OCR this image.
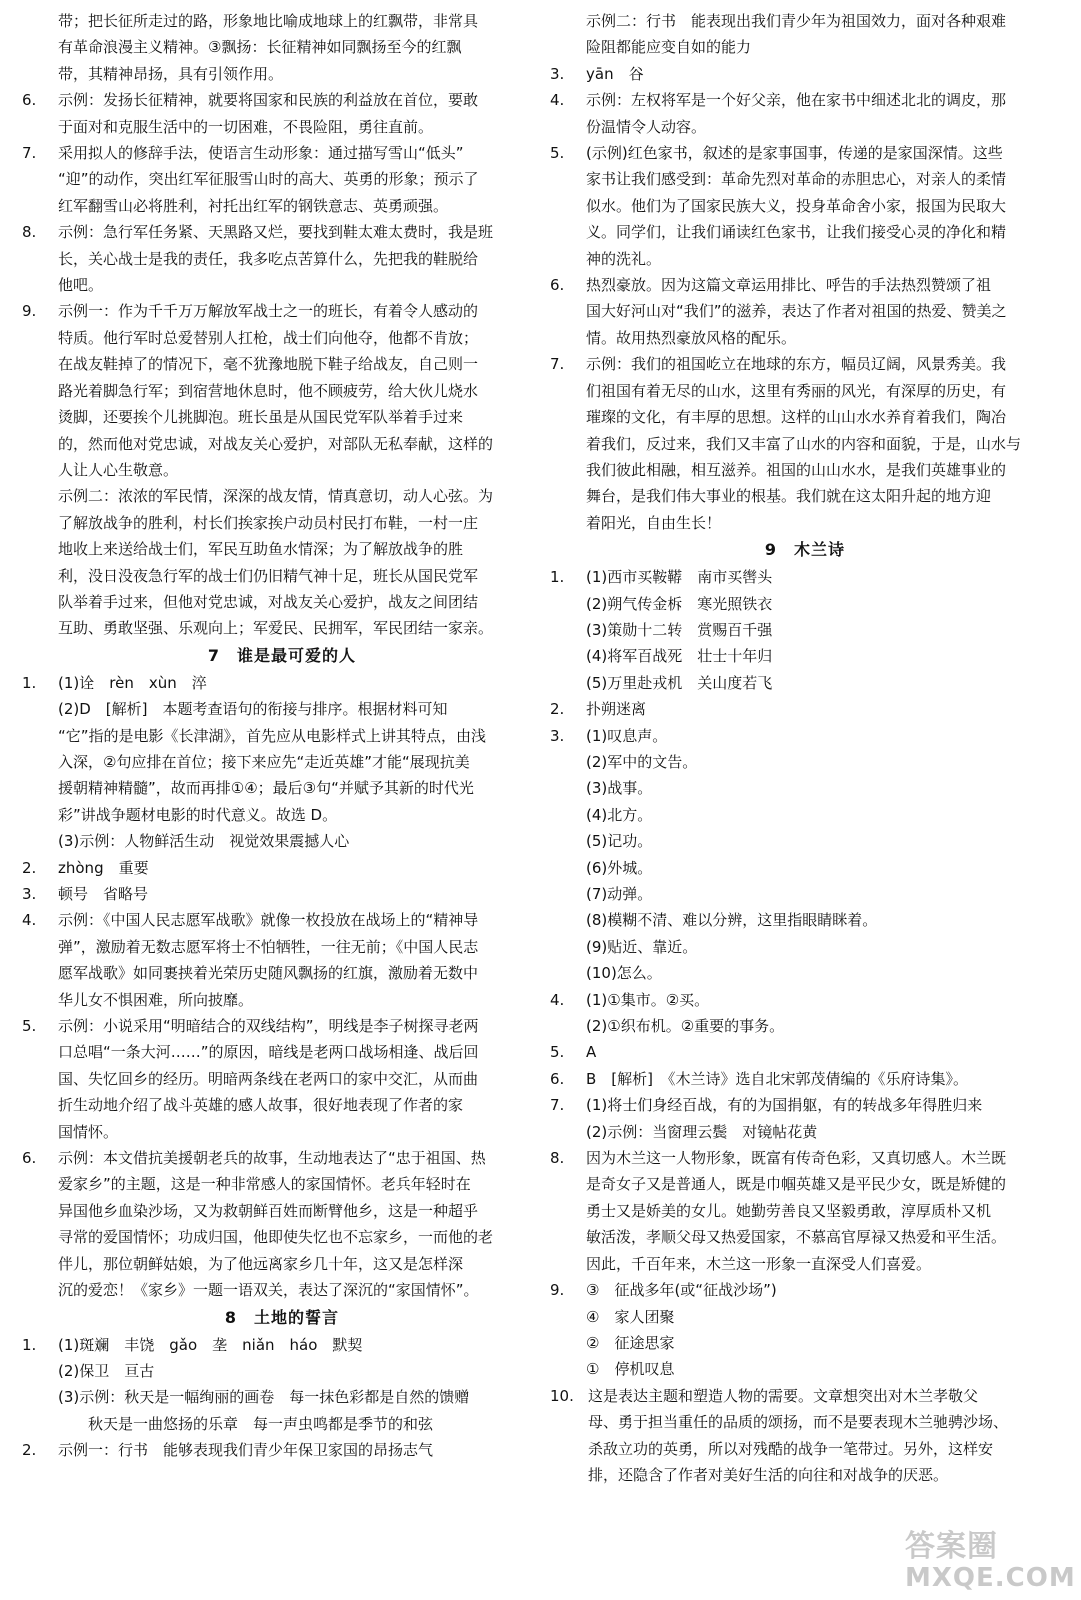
带；把长征所走过的路，形象地比喻成地球上的红飘带，非常具
有革命浪漫主义精神。③飘扬：长征精神如同飘扬至今的红飘
带，其精神昂扬，具有引领作用。
6.	示例：发扬长征精神，就要将国家和民族的利益放在首位，要敢
于面对和克服生活中的一切困难，不畏险阻，勇往直前。
7.	采用拟人的修辞手法，使语言生动形象：通过描写雪山“低头”
“迎”的动作，突出红军征服雪山时的高大、英勇的形象；预示了
红军翻雪山必将胜利，衬托出红军的钢铁意志、英勇顽强。
8.	示例：急行军任务紧、天黑路又烂，要找到鞋太难太费时，我是班
长，关心战士是我的责任，我多吃点苦算什么，先把我的鞋脱给
他吧。
9.	示例一：作为千千万万解放军战士之一的班长，有着令人感动的
特质。他行军时总爱替别人扛枪，战士们向他夺，他都不肯放；
在战友鞋掉了的情况下，毫不犹豫地脱下鞋子给战友，自己则一
路光着脚急行军；到宿营地休息时，他不顾疲劳，给大伙儿烧水
烫脚，还要挨个儿挑脚泡。班长虽是从国民党军队举着手过来
的，然而他对党忠诚，对战友关心爱护，对部队无私奉献，这样的
人让人心生敬意。
示例二：浓浓的军民情，深深的战友情，情真意切，动人心弦。为
了解放战争的胜利，村长们挨家挨户动员村民打布鞋，一村一庄
地收上来送给战士们，军民互助鱼水情深；为了解放战争的胜
利，没日没夜急行军的战士们仍旧精气神十足，班长从国民党军
队举着手过来，但他对党忠诚，对战友关心爱护，战友之间团结
互助、勇敢坚强、乐观向上；军爱民、民拥军，军民团结一家亲。
7　谁是最可爱的人
1.	(1)诠　rèn　xùn　淬
(2)D　[解析]　本题考查语句的衔接与排序。根据材料可知
“它”指的是电影《长津湖》，首先应从电影样式上讲其特点，由浅
入深，②句应排在首位；接下来应先“走近英雄”才能“展现抗美
援朝精神精髓”，故而再排①④；最后③句“并赋予其新的时代光
彩”讲战争题材电影的时代意义。故选 D。
(3)示例：人物鲜活生动　视觉效果震撼人心
2.	zhòng　重要
3.	顿号　省略号
4.	示例：《中国人民志愿军战歌》就像一枚投放在战场上的“精神导
弹”，激励着无数志愿军将士不怕牺牲，一往无前；《中国人民志
愿军战歌》如同裹挟着光荣历史随风飘扬的红旗，激励着无数中
华儿女不惧困难，所向披靡。
5.	示例：小说采用“明暗结合的双线结构”，明线是李子树探寻老两
口总唱“一条大河……”的原因，暗线是老两口战场相逢、战后回
国、失忆回乡的经历。明暗两条线在老两口的家中交汇，从而曲
折生动地介绍了战斗英雄的感人故事，很好地表现了作者的家
国情怀。
6.	示例：本文借抗美援朝老兵的故事，生动地表达了“忠于祖国、热
爱家乡”的主题，这是一种非常感人的家国情怀。老兵年轻时在
异国他乡血染沙场，又为救朝鲜百姓而断臂他乡，这是一种超乎
寻常的爱国情怀；功成归国，他即使失忆也不忘家乡，一而他的老
伴儿，那位朝鲜姑娘，为了他远离家乡几十年，这又是怎样深
沉的爱恋！《家乡》一题一语双关，表达了深沉的“家国情怀”。
8　土地的誓言
1.	(1)斑斓　丰饶　gǎo　垄　niǎn　háo　默契
(2)保卫　亘古
(3)示例：秋天是一幅绚丽的画卷　每一抹色彩都是自然的馈赠
　　秋天是一曲悠扬的乐章　每一声虫鸣都是季节的和弦
2.	示例一：行书　能够表现我们青少年保卫家国的昂扬志气
示例二：行书　能表现出我们青少年为祖国效力，面对各种艰难
险阻都能应变自如的能力
3.	yān　谷
4.	示例：左权将军是一个好父亲，他在家书中细述北北的调皮，那
份温情令人动容。
5.	(示例)红色家书，叙述的是家事国事，传递的是家国深情。这些
家书让我们感受到：革命先烈对革命的赤胆忠心，对亲人的柔情
似水。他们为了国家民族大义，投身革命舍小家，报国为民取大
义。同学们，让我们诵读红色家书，让我们接受心灵的净化和精
神的洗礼。
6.	热烈豪放。因为这篇文章运用排比、呼告的手法热烈赞颂了祖
国大好河山对“我们”的滋养，表达了作者对祖国的热爱、赞美之
情。故用热烈豪放风格的配乐。
7.	示例：我们的祖国屹立在地球的东方，幅员辽阔，风景秀美。我
们祖国有着无尽的山水，这里有秀丽的风光，有深厚的历史，有
璀璨的文化，有丰厚的思想。这样的山山水水养育着我们，陶冶
着我们，反过来，我们又丰富了山水的内容和面貌，于是，山水与
我们彼此相融，相互滋养。祖国的山山水水，是我们英雄事业的
舞台，是我们伟大事业的根基。我们就在这太阳升起的地方迎
着阳光，自由生长！
9　木兰诗
1.	(1)西市买鞍鞯　南市买辔头
(2)朔气传金柝　寒光照铁衣
(3)策勋十二转　赏赐百千强
(4)将军百战死　壮士十年归
(5)万里赴戎机　关山度若飞
2.	扑朔迷离
3.	(1)叹息声。
(2)军中的文告。
(3)战事。
(4)北方。
(5)记功。
(6)外城。
(7)动弹。
(8)模糊不清、难以分辨，这里指眼睛眯着。
(9)贴近、靠近。
(10)怎么。
4.	(1)①集市。②买。
(2)①织布机。②重要的事务。
5.	A
6.	B　[解析]　《木兰诗》选自北宋郭茂倩编的《乐府诗集》。
7.	(1)将士们身经百战，有的为国捐躯，有的转战多年得胜归来
(2)示例：当窗理云鬓　对镜帖花黄
8.	因为木兰这一人物形象，既富有传奇色彩，又真切感人。木兰既
是奇女子又是普通人，既是巾帼英雄又是平民少女，既是矫健的
勇士又是娇美的女儿。她勤劳善良又坚毅勇敢，淳厚质朴又机
敏活泼，孝顺父母又热爱国家，不慕高官厚禄又热爱和平生活。
因此，千百年来，木兰这一形象一直深受人们喜爱。
9.	③　征战多年(或“征战沙场”)
④　家人团聚
②　征途思家
①　停机叹息
10. 这是表达主题和塑造人物的需要。文章想突出对木兰孝敬父
母、勇于担当重任的品质的颂扬，而不是要表现木兰驰骋沙场、
杀敌立功的英勇，所以对残酷的战争一笔带过。另外，这样安
排，还隐含了作者对美好生活的向往和对战争的厌恶。
答案圈
MXQE.COM
